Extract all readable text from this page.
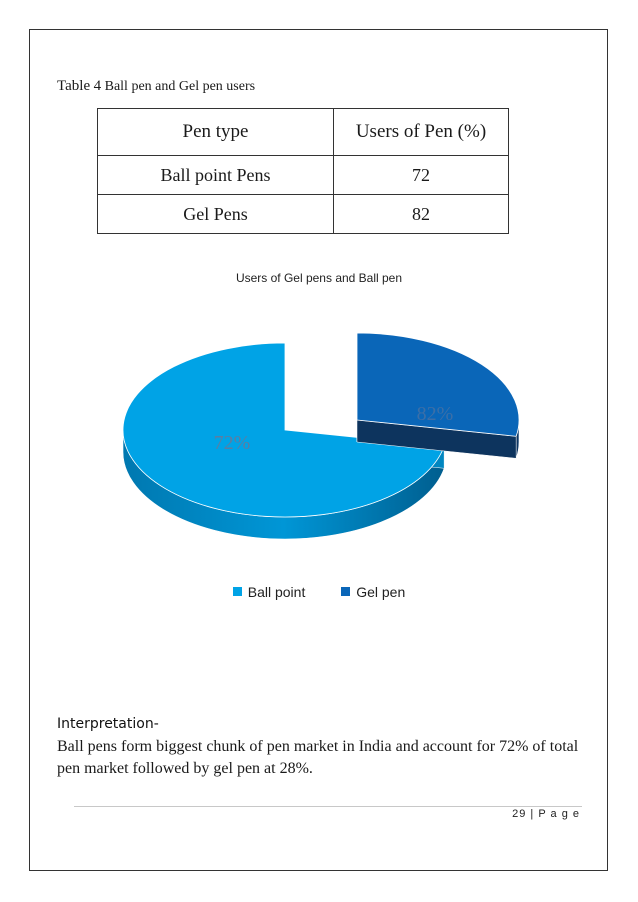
Table 4 Ball pen and Gel pen users
Pen type	Users of Pen (%)
Ball point Pens	72
Gel Pens	82
Users of Gel pens and Ball pen
72%
82%
Ball point	Gel pen
Interpretation-
Ball pens form biggest chunk of pen market in India and account for 72% of total pen market followed by gel pen at 28%.
29 | P a g e
